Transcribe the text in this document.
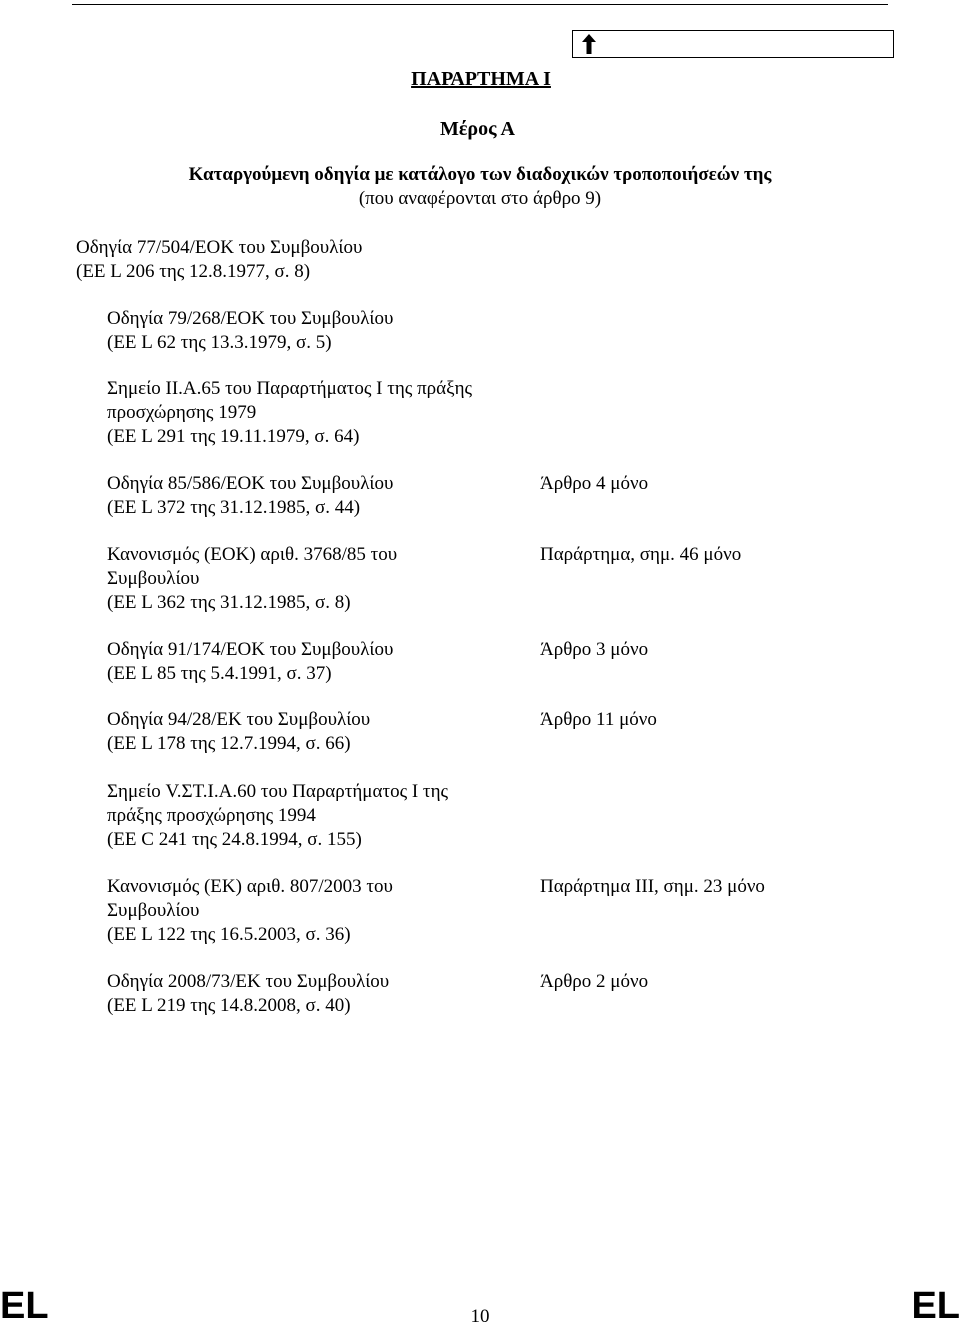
ΠΑΡΑΡΤΗΜΑ Ι
Μέρος Α
Καταργούμενη οδηγία με κατάλογο των διαδοχικών τροποποιήσεών της
(που αναφέρονται στο άρθρο 9)
Οδηγία 77/504/ΕΟΚ του Συμβουλίου
(ΕΕ L 206 της 12.8.1977, σ. 8)
Οδηγία 79/268/ΕΟΚ του Συμβουλίου
(ΕΕ L 62 της 13.3.1979, σ. 5)
Σημείο ΙΙ.Α.65 του Παραρτήματος Ι της πράξης
προσχώρησης 1979
(ΕΕ L 291 της 19.11.1979, σ. 64)
Οδηγία 85/586/ΕΟΚ του Συμβουλίου
(ΕΕ L 372 της 31.12.1985, σ. 44)
Άρθρο 4 μόνο
Κανονισμός (ΕΟΚ) αριθ. 3768/85 του
Συμβουλίου
(ΕΕ L 362 της 31.12.1985, σ. 8)
Παράρτημα, σημ. 46 μόνο
Οδηγία 91/174/ΕΟΚ του Συμβουλίου
(ΕΕ L 85 της 5.4.1991, σ. 37)
Άρθρο 3 μόνο
Οδηγία 94/28/ΕΚ του Συμβουλίου
(ΕΕ L 178 της 12.7.1994, σ. 66)
Άρθρο 11 μόνο
Σημείο V.ΣΤ.Ι.Α.60 του Παραρτήματος Ι της
πράξης προσχώρησης 1994
(ΕΕ C 241 της 24.8.1994, σ. 155)
Κανονισμός (ΕΚ) αριθ. 807/2003 του
Συμβουλίου
(ΕΕ L 122 της 16.5.2003, σ. 36)
Παράρτημα ΙΙΙ, σημ. 23 μόνο
Οδηγία 2008/73/ΕΚ του Συμβουλίου
(ΕΕ L 219 της 14.8.2008, σ. 40)
Άρθρο 2 μόνο
EL	10	EL
